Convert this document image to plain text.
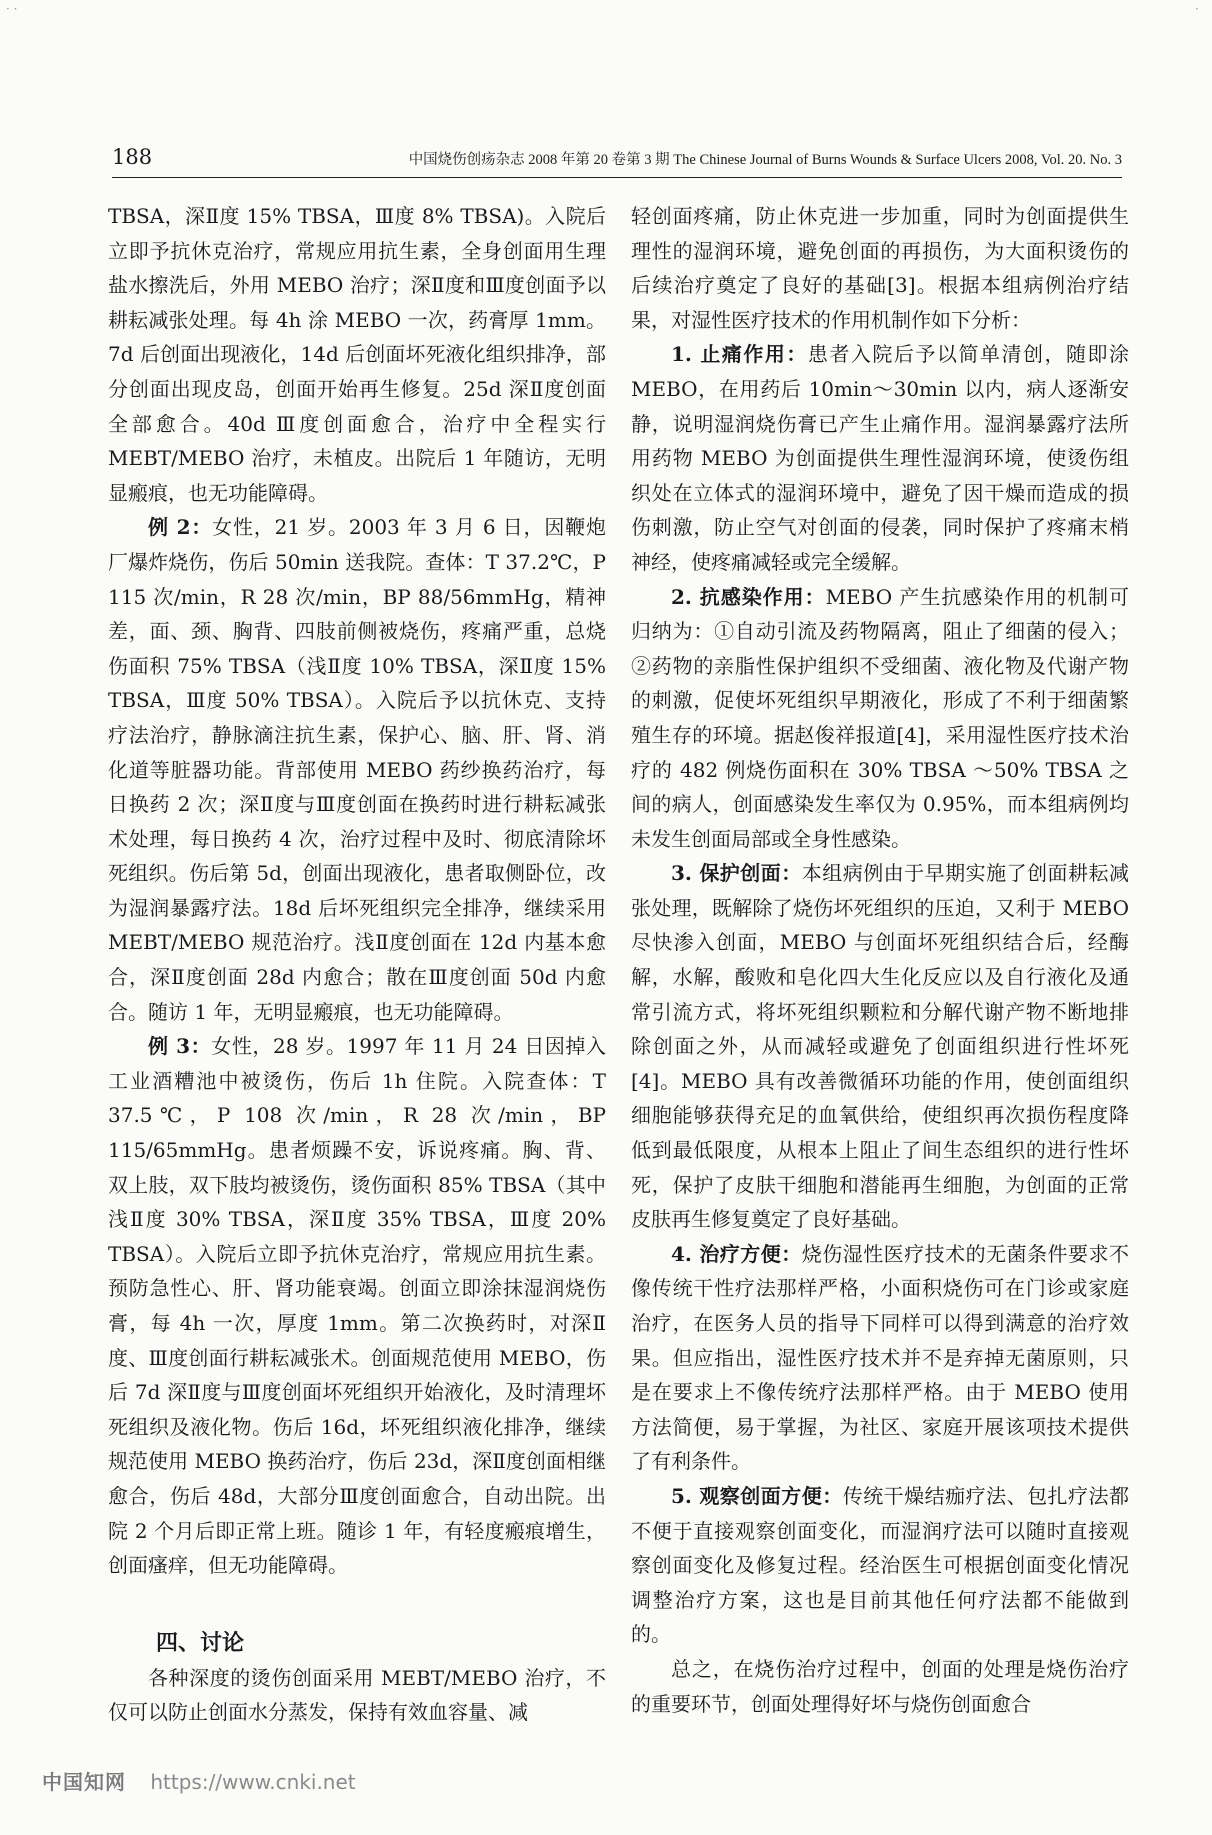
· ·	·
188	中国烧伤创疡杂志 2008 年第 20 卷第 3 期 The Chinese Journal of Burns Wounds & Surface Ulcers 2008, Vol. 20. No. 3

TBSA，深Ⅱ度 15% TBSA，Ⅲ度 8% TBSA)。入院后立即予抗休克治疗，常规应用抗生素，全身创面用生理盐水擦洗后，外用 MEBO 治疗；深Ⅱ度和Ⅲ度创面予以耕耘减张处理。每 4h 涂 MEBO 一次，药膏厚 1mm。7d 后创面出现液化，14d 后创面坏死液化组织排净，部分创面出现皮岛，创面开始再生修复。25d 深Ⅱ度创面全部愈合。40d Ⅲ度创面愈合，治疗中全程实行 MEBT/MEBO 治疗，未植皮。出院后 1 年随访，无明显瘢痕，也无功能障碍。

例 2：女性，21 岁。2003 年 3 月 6 日，因鞭炮厂爆炸烧伤，伤后 50min 送我院。查体：T 37.2℃，P 115 次/min，R 28 次/min，BP 88/56mmHg，精神差，面、颈、胸背、四肢前侧被烧伤，疼痛严重，总烧伤面积 75% TBSA（浅Ⅱ度 10% TBSA，深Ⅱ度 15% TBSA，Ⅲ度 50% TBSA）。入院后予以抗休克、支持疗法治疗，静脉滴注抗生素，保护心、脑、肝、肾、消化道等脏器功能。背部使用 MEBO 药纱换药治疗，每日换药 2 次；深Ⅱ度与Ⅲ度创面在换药时进行耕耘减张术处理，每日换药 4 次，治疗过程中及时、彻底清除坏死组织。伤后第 5d，创面出现液化，患者取侧卧位，改为湿润暴露疗法。18d 后坏死组织完全排净，继续采用 MEBT/MEBO 规范治疗。浅Ⅱ度创面在 12d 内基本愈合，深Ⅱ度创面 28d 内愈合；散在Ⅲ度创面 50d 内愈合。随访 1 年，无明显瘢痕，也无功能障碍。

例 3：女性，28 岁。1997 年 11 月 24 日因掉入工业酒糟池中被烫伤，伤后 1h 住院。入院查体：T 37.5℃，P 108 次/min，R 28 次/min，BP 115/65mmHg。患者烦躁不安，诉说疼痛。胸、背、双上肢，双下肢均被烫伤，烫伤面积 85% TBSA（其中浅Ⅱ度 30% TBSA，深Ⅱ度 35% TBSA，Ⅲ度 20% TBSA）。入院后立即予抗休克治疗，常规应用抗生素。预防急性心、肝、肾功能衰竭。创面立即涂抹湿润烧伤膏，每 4h 一次，厚度 1mm。第二次换药时，对深Ⅱ度、Ⅲ度创面行耕耘减张术。创面规范使用 MEBO，伤后 7d 深Ⅱ度与Ⅲ度创面坏死组织开始液化，及时清理坏死组织及液化物。伤后 16d，坏死组织液化排净，继续规范使用 MEBO 换药治疗，伤后 23d，深Ⅱ度创面相继愈合，伤后 48d，大部分Ⅲ度创面愈合，自动出院。出院 2 个月后即正常上班。随诊 1 年，有轻度瘢痕增生，创面瘙痒，但无功能障碍。

四、讨论

各种深度的烫伤创面采用 MEBT/MEBO 治疗，不仅可以防止创面水分蒸发，保持有效血容量、减

轻创面疼痛，防止休克进一步加重，同时为创面提供生理性的湿润环境，避免创面的再损伤，为大面积烫伤的后续治疗奠定了良好的基础[3]。根据本组病例治疗结果，对湿性医疗技术的作用机制作如下分析：

1. 止痛作用：患者入院后予以简单清创，随即涂 MEBO，在用药后 10min～30min 以内，病人逐渐安静，说明湿润烧伤膏已产生止痛作用。湿润暴露疗法所用药物 MEBO 为创面提供生理性湿润环境，使烫伤组织处在立体式的湿润环境中，避免了因干燥而造成的损伤刺激，防止空气对创面的侵袭，同时保护了疼痛末梢神经，使疼痛减轻或完全缓解。

2. 抗感染作用：MEBO 产生抗感染作用的机制可归纳为：①自动引流及药物隔离，阻止了细菌的侵入；②药物的亲脂性保护组织不受细菌、液化物及代谢产物的刺激，促使坏死组织早期液化，形成了不利于细菌繁殖生存的环境。据赵俊祥报道[4]，采用湿性医疗技术治疗的 482 例烧伤面积在 30% TBSA ～50% TBSA 之间的病人，创面感染发生率仅为 0.95%，而本组病例均未发生创面局部或全身性感染。

3. 保护创面：本组病例由于早期实施了创面耕耘减张处理，既解除了烧伤坏死组织的压迫，又利于 MEBO 尽快渗入创面，MEBO 与创面坏死组织结合后，经酶解，水解，酸败和皂化四大生化反应以及自行液化及通常引流方式，将坏死组织颗粒和分解代谢产物不断地排除创面之外，从而减轻或避免了创面组织进行性坏死[4]。MEBO 具有改善微循环功能的作用，使创面组织细胞能够获得充足的血氧供给，使组织再次损伤程度降低到最低限度，从根本上阻止了间生态组织的进行性坏死，保护了皮肤干细胞和潜能再生细胞，为创面的正常皮肤再生修复奠定了良好基础。

4. 治疗方便：烧伤湿性医疗技术的无菌条件要求不像传统干性疗法那样严格，小面积烧伤可在门诊或家庭治疗，在医务人员的指导下同样可以得到满意的治疗效果。但应指出，湿性医疗技术并不是弃掉无菌原则，只是在要求上不像传统疗法那样严格。由于 MEBO 使用方法简便，易于掌握，为社区、家庭开展该项技术提供了有利条件。

5. 观察创面方便：传统干燥结痂疗法、包扎疗法都不便于直接观察创面变化，而湿润疗法可以随时直接观察创面变化及修复过程。经治医生可根据创面变化情况调整治疗方案，这也是目前其他任何疗法都不能做到的。

总之，在烧伤治疗过程中，创面的处理是烧伤治疗的重要环节，创面处理得好坏与烧伤创面愈合

中国知网 https://www.cnki.net
